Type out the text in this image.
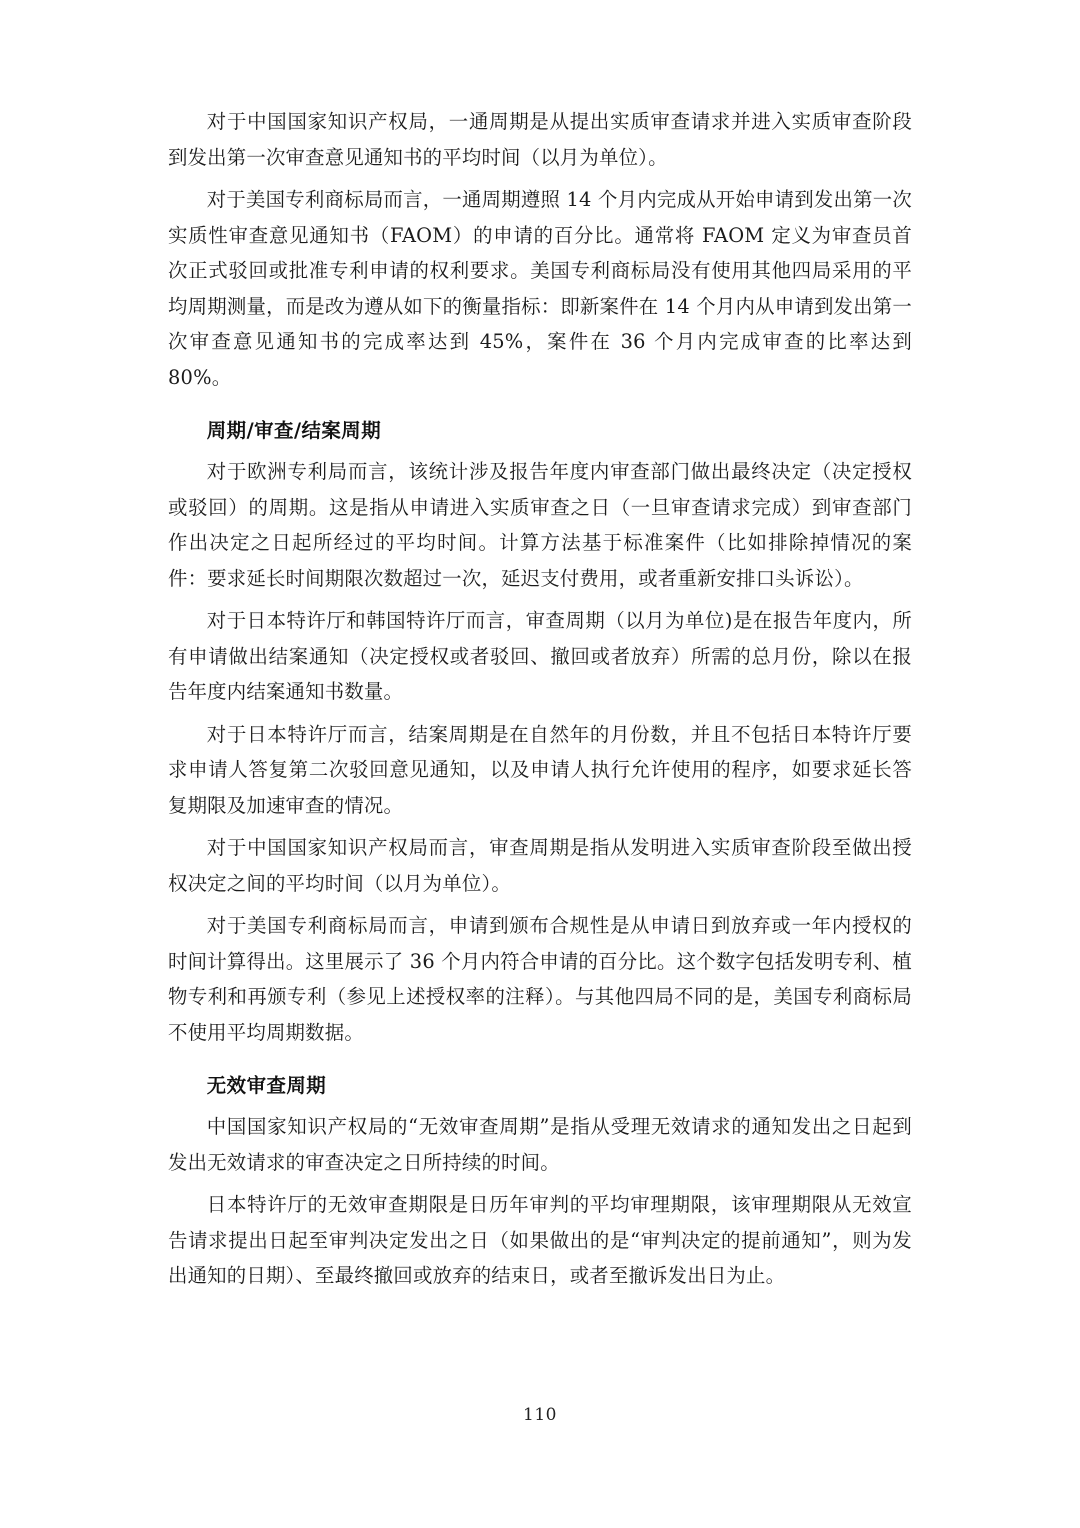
对于中国国家知识产权局，一通周期是从提出实质审查请求并进入实质审查阶段到发出第一次审查意见通知书的平均时间（以月为单位）。

对于美国专利商标局而言，一通周期遵照 14 个月内完成从开始申请到发出第一次实质性审查意见通知书（FAOM）的申请的百分比。通常将 FAOM 定义为审查员首次正式驳回或批准专利申请的权利要求。美国专利商标局没有使用其他四局采用的平均周期测量，而是改为遵从如下的衡量指标：即新案件在 14 个月内从申请到发出第一次审查意见通知书的完成率达到 45%，案件在 36 个月内完成审查的比率达到 80%。

周期/审查/结案周期

对于欧洲专利局而言，该统计涉及报告年度内审查部门做出最终决定（决定授权或驳回）的周期。这是指从申请进入实质审查之日（一旦审查请求完成）到审查部门作出决定之日起所经过的平均时间。计算方法基于标准案件（比如排除掉情况的案件：要求延长时间期限次数超过一次，延迟支付费用，或者重新安排口头诉讼）。

对于日本特许厅和韩国特许厅而言，审查周期（以月为单位)是在报告年度内，所有申请做出结案通知（决定授权或者驳回、撤回或者放弃）所需的总月份，除以在报告年度内结案通知书数量。

对于日本特许厅而言，结案周期是在自然年的月份数，并且不包括日本特许厅要求申请人答复第二次驳回意见通知，以及申请人执行允许使用的程序，如要求延长答复期限及加速审查的情况。

对于中国国家知识产权局而言，审查周期是指从发明进入实质审查阶段至做出授权决定之间的平均时间（以月为单位）。

对于美国专利商标局而言，申请到颁布合规性是从申请日到放弃或一年内授权的时间计算得出。这里展示了 36 个月内符合申请的百分比。这个数字包括发明专利、植物专利和再颁专利（参见上述授权率的注释）。与其他四局不同的是，美国专利商标局不使用平均周期数据。

无效审查周期

中国国家知识产权局的“无效审查周期”是指从受理无效请求的通知发出之日起到发出无效请求的审查决定之日所持续的时间。

日本特许厅的无效审查期限是日历年审判的平均审理期限，该审理期限从无效宣告请求提出日起至审判决定发出之日（如果做出的是“审判决定的提前通知”，则为发出通知的日期）、至最终撤回或放弃的结束日，或者至撤诉发出日为止。

110
